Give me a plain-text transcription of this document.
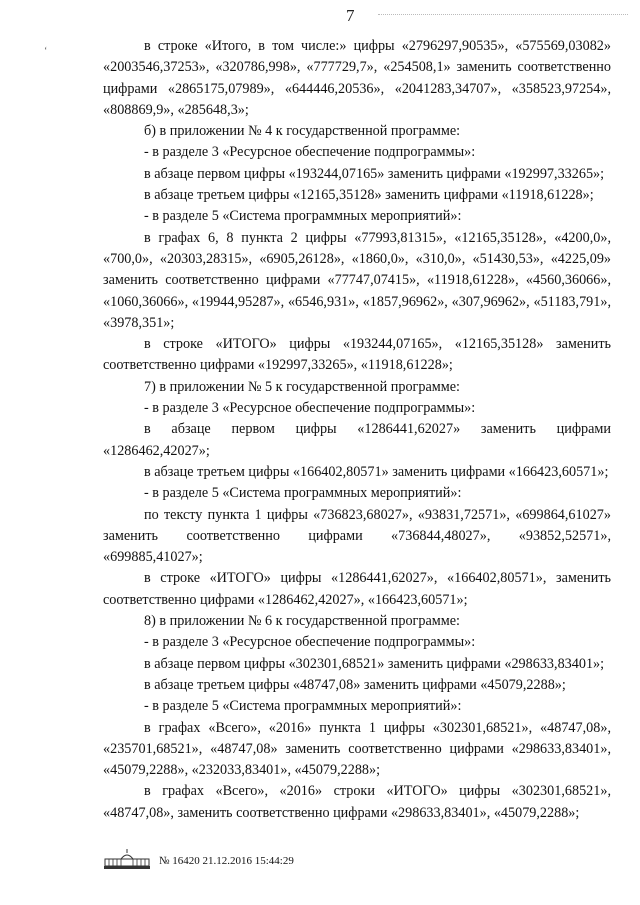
7
ʻ	в строке «Итого, в том числе:» цифры «2796297,90535», «575569,03082» «2003546,37253», «320786,998», «777729,7», «254508,1» заменить соответственно цифрами «2865175,07989», «644446,20536», «2041283,34707», «358523,97254», «808869,9», «285648,3»;

б) в приложении № 4 к государственной программе:

- в разделе 3 «Ресурсное обеспечение подпрограммы»:

в абзаце первом цифры «193244,07165» заменить цифрами «192997,33265»;

в абзаце третьем цифры «12165,35128» заменить цифрами «11918,61228»;

- в разделе 5 «Система программных мероприятий»:

в графах 6, 8 пункта 2 цифры «77993,81315», «12165,35128», «4200,0», «700,0», «20303,28315», «6905,26128», «1860,0», «310,0», «51430,53», «4225,09» заменить соответственно цифрами «77747,07415», «11918,61228», «4560,36066», «1060,36066», «19944,95287», «6546,931», «1857,96962», «307,96962», «51183,791», «3978,351»;

в строке «ИТОГО» цифры «193244,07165», «12165,35128» заменить соответственно цифрами «192997,33265», «11918,61228»;

7) в приложении № 5 к государственной программе:

- в разделе 3 «Ресурсное обеспечение подпрограммы»:

в абзаце первом цифры «1286441,62027» заменить цифрами «1286462,42027»;

в абзаце третьем цифры «166402,80571» заменить цифрами «166423,60571»;

- в разделе 5 «Система программных мероприятий»:

по тексту пункта 1 цифры «736823,68027», «93831,72571», «699864,61027» заменить соответственно цифрами «736844,48027», «93852,52571», «699885,41027»;

в строке «ИТОГО» цифры «1286441,62027», «166402,80571», заменить соответственно цифрами «1286462,42027», «166423,60571»;

8) в приложении № 6 к государственной программе:

- в разделе 3 «Ресурсное обеспечение подпрограммы»:

в абзаце первом цифры «302301,68521» заменить цифрами «298633,83401»;

в абзаце третьем цифры «48747,08» заменить цифрами «45079,2288»;

- в разделе 5 «Система программных мероприятий»:

в графах «Всего», «2016» пункта 1 цифры «302301,68521», «48747,08», «235701,68521», «48747,08» заменить соответственно цифрами «298633,83401», «45079,2288», «232033,83401», «45079,2288»;

в графах «Всего», «2016» строки «ИТОГО» цифры «302301,68521», «48747,08», заменить соответственно цифрами «298633,83401», «45079,2288»;

№ 16420 21.12.2016 15:44:29
